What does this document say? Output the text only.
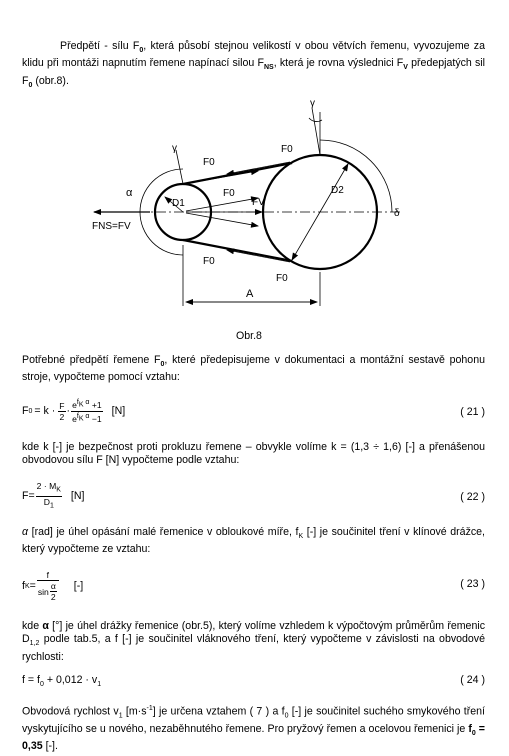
Předpětí - sílu $F_0$, která působí stejnou velikostí v obou větvích řemenu, vyvozujeme za klidu při montáži napnutím řemene napínací silou $F_{NS}$, která je rovna výslednici $F_V$ předepjatých sil $F_0$ (obr.8).
γ
γ
α
F0
F0
F0
FV
F0
F0
FNS=FV
D1
D2
A
δ
Obr.8
Potřebné předpětí řemene $F_0$, které předepisujeme v dokumentaci a montážní sestavě pohonu stroje, vypočteme pomocí vztahu:
F $0 = k \cdot \frac{F}{2} \cdot \frac{e^{f_K \alpha} +1}{e^{f_K \alpha} -1} [N]$	( 21 )
kde k [-] je bezpečnost proti prokluzu řemene – obvykle volíme k = (1,3 ÷ 1,6) [-] a přenášenou obvodovou sílu F [N] vypočteme podle vztahu:
$F = \frac{2 \cdot M_K}{D_1} [N]$	( 22 )
α [rad] je úhel opásání malé řemenice v obloukové míře, $f_K$ [-] je součinitel tření v klínové drážce, který vypočteme ze vztahu:
f $K = \frac{f}{\sin \frac{\alpha}{2}}$ [-]	( 23 )
kde α [°] je úhel drážky řemenice (obr.5), který volíme vzhledem k výpočtovým průměrům řemenic $D_{1,2}$ podle tab.5, a f [-] je součinitel vláknového tření, který vypočteme v závislosti na obvodové rychlosti:
$f = f_0 + 0,012 \cdot v_1$	( 24 )
Obvodová rychlost $v_1$ $[m\cdot s^{-1}]$ je určena vztahem ( 7 ) a $f_0$ [-] je součinitel suchého smykového tření vyskytujícího se u nového, nezaběhnutého řemene. Pro pryžový řemen a ocelovou řemenici je $f_0 = 0,35$ [-].
